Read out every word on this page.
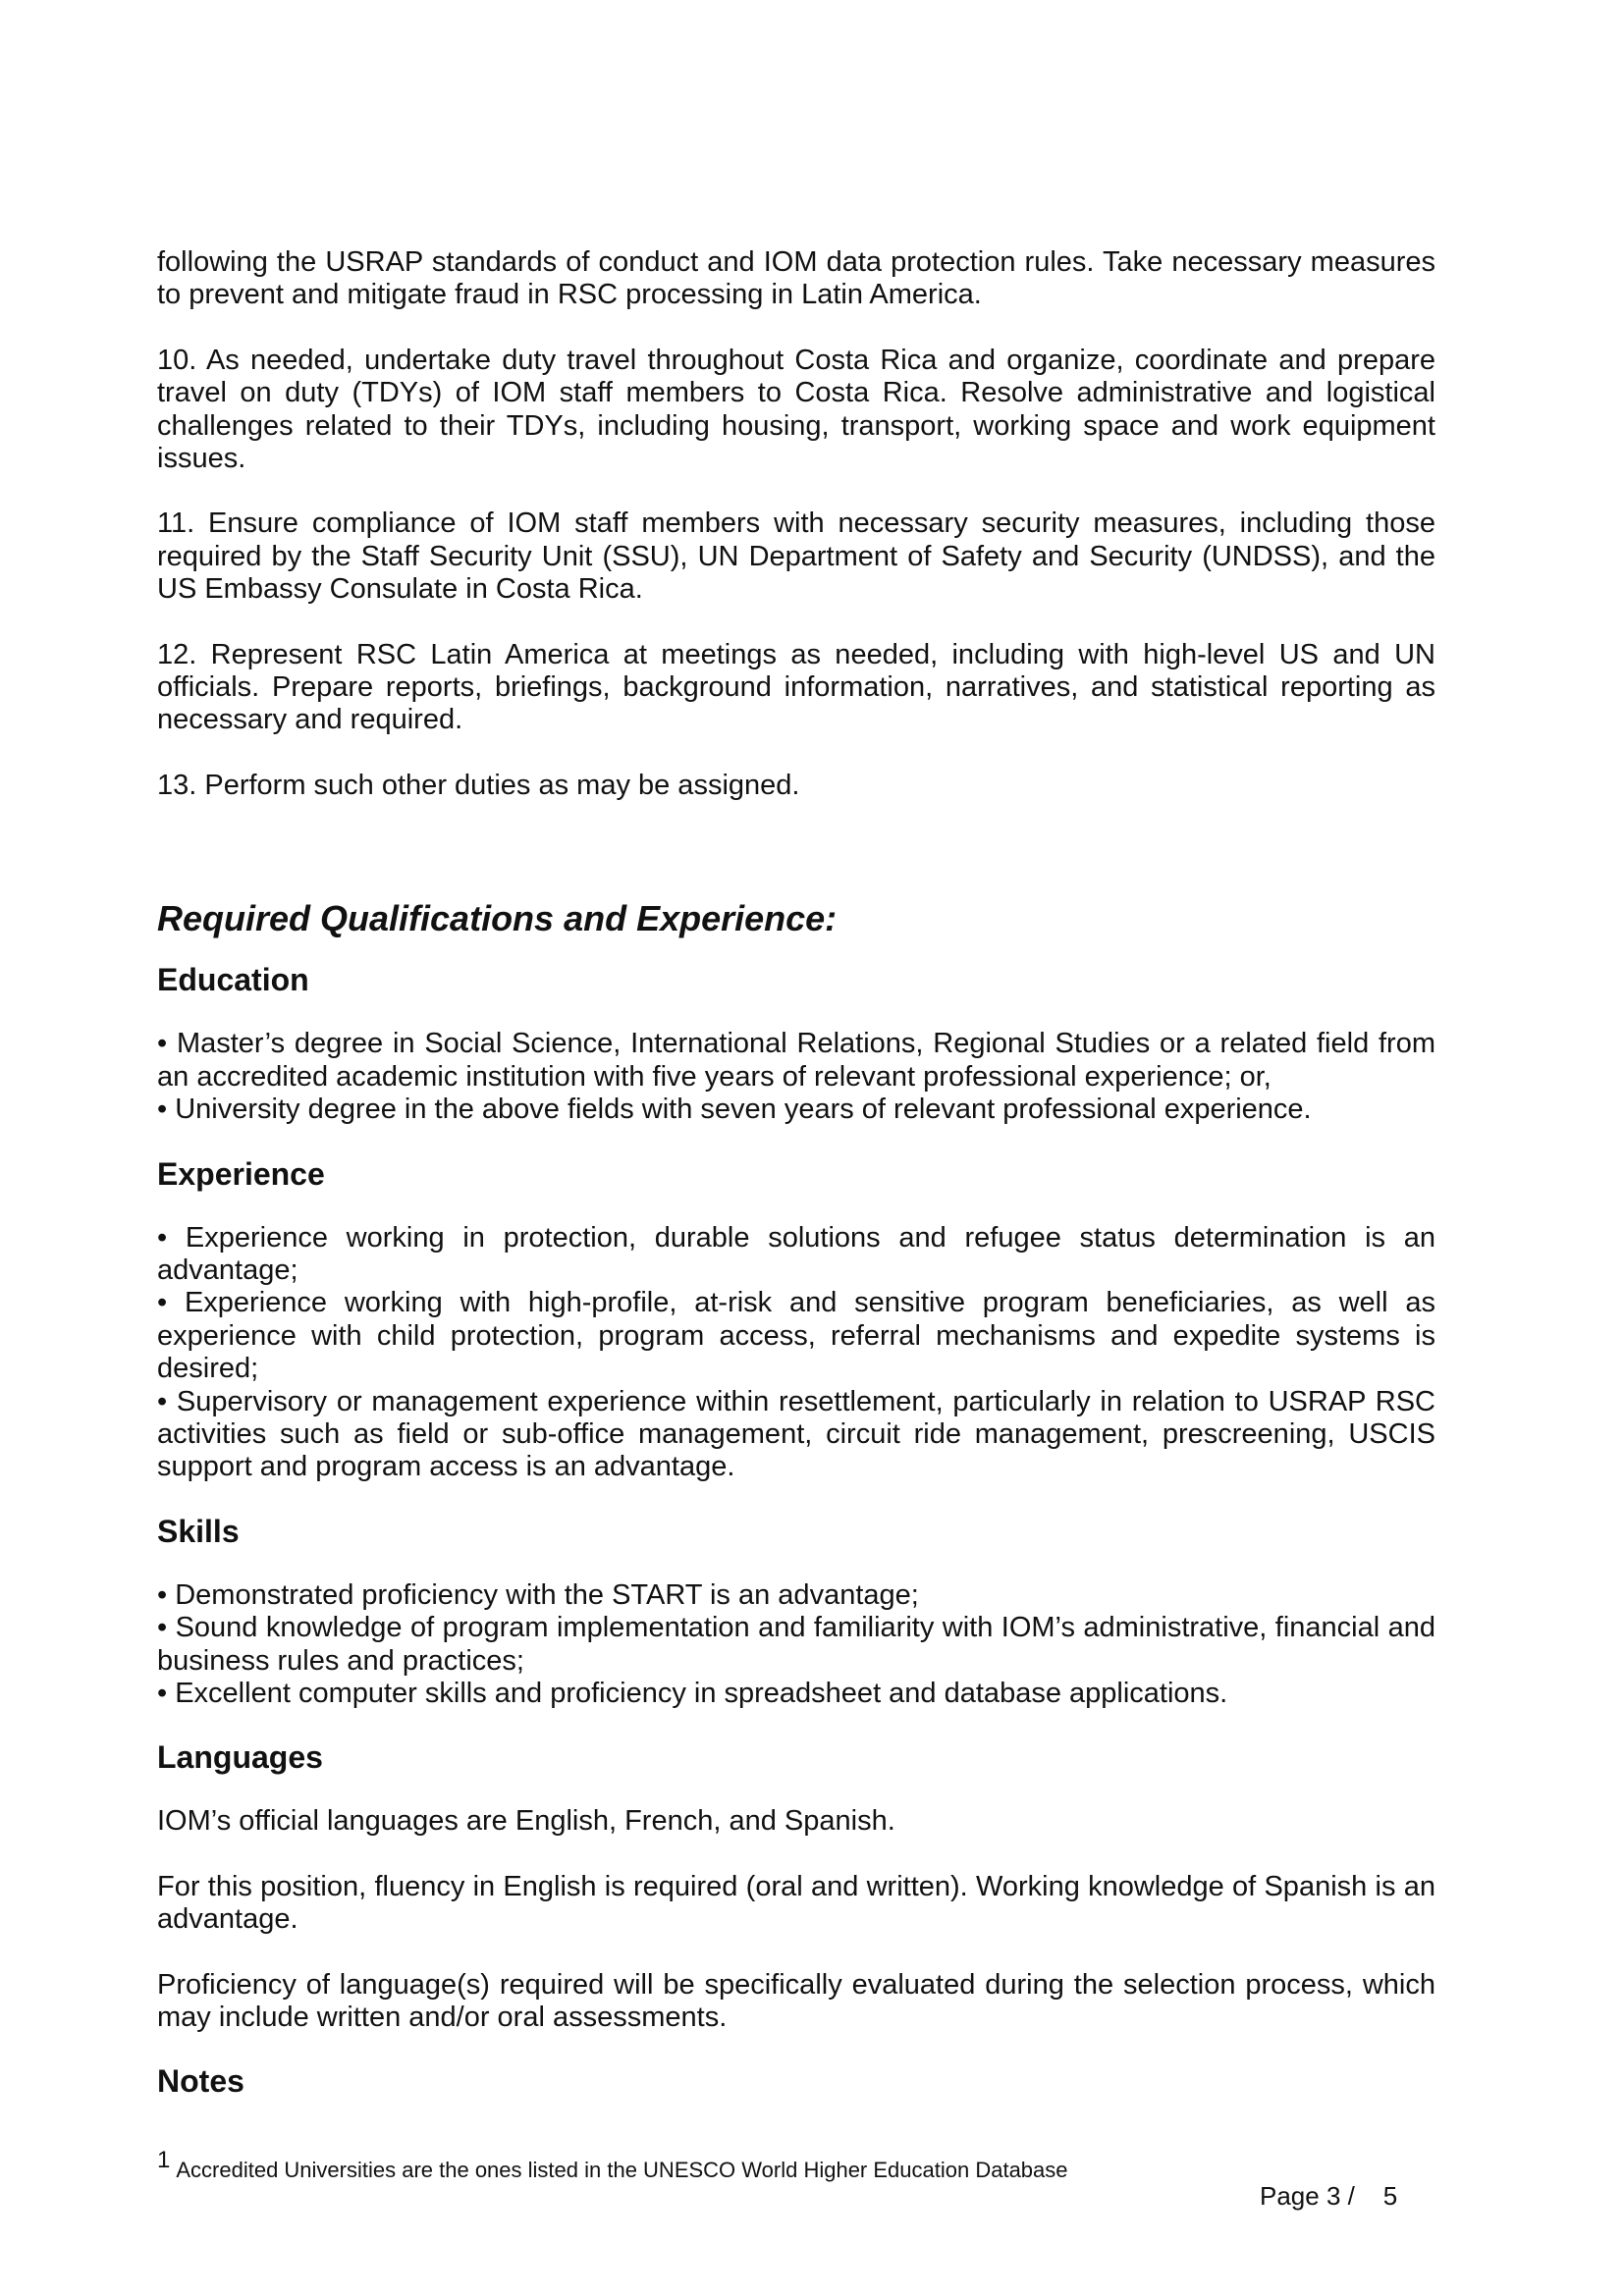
following the USRAP standards of conduct and IOM data protection rules. Take necessary measures to prevent and mitigate fraud in RSC processing in Latin America.

10. As needed, undertake duty travel throughout Costa Rica and organize, coordinate and prepare travel on duty (TDYs) of IOM staff members to Costa Rica. Resolve administrative and logistical challenges related to their TDYs, including housing, transport, working space and work equipment issues.

11. Ensure compliance of IOM staff members with necessary security measures, including those required by the Staff Security Unit (SSU), UN Department of Safety and Security (UNDSS), and the US Embassy Consulate in Costa Rica.

12. Represent RSC Latin America at meetings as needed, including with high-level US and UN officials. Prepare reports, briefings, background information, narratives, and statistical reporting as necessary and required.

13. Perform such other duties as may be assigned.

Required Qualifications and Experience:
Education

• Master’s degree in Social Science, International Relations, Regional Studies or a related field from an accredited academic institution with five years of relevant professional experience; or,

• University degree in the above fields with seven years of relevant professional experience.

Experience

• Experience working in protection, durable solutions and refugee status determination is an advantage;

• Experience working with high-profile, at-risk and sensitive program beneficiaries, as well as experience with child protection, program access, referral mechanisms and expedite systems is desired;

• Supervisory or management experience within resettlement, particularly in relation to USRAP RSC activities such as field or sub-office management, circuit ride management, prescreening, USCIS support and program access is an advantage.

Skills

• Demonstrated proficiency with the START is an advantage;

• Sound knowledge of program implementation and familiarity with IOM’s administrative, financial and business rules and practices;

• Excellent computer skills and proficiency in spreadsheet and database applications.

Languages

IOM’s official languages are English, French, and Spanish.

For this position, fluency in English is required (oral and written). Working knowledge of Spanish is an advantage.

Proficiency of language(s) required will be specifically evaluated during the selection process, which may include written and/or oral assessments.

Notes
$^1$ Accredited Universities are the ones listed in the UNESCO World Higher Education Database
Page 3 /    5
